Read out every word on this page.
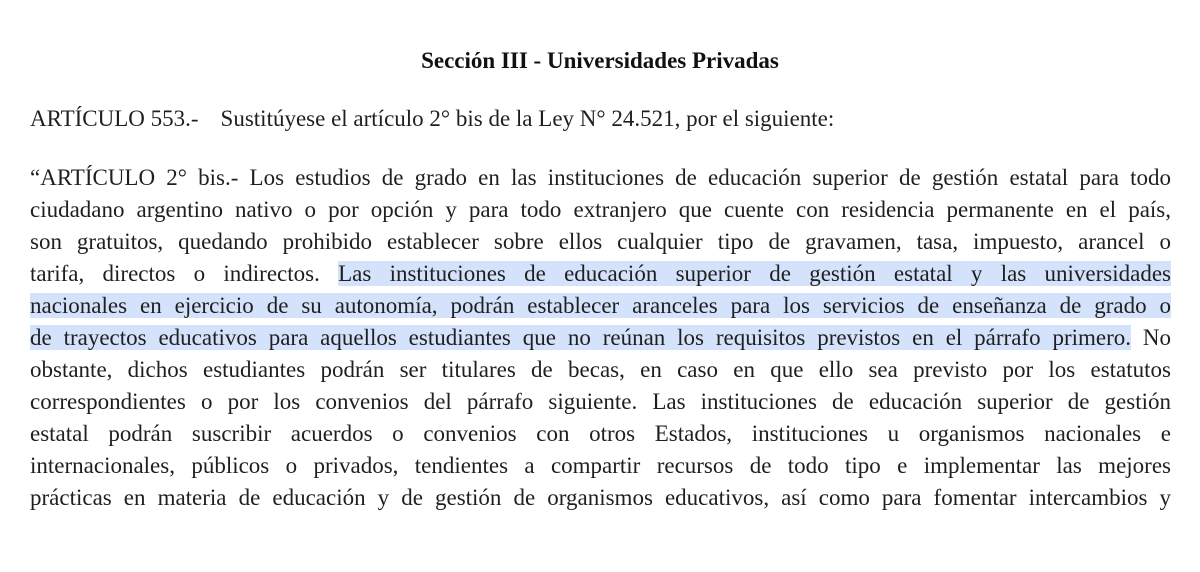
Sección III - Universidades Privadas
ARTÍCULO 553.- Sustitúyese el artículo 2° bis de la Ley N° 24.521, por el siguiente:
“ARTÍCULO 2° bis.- Los estudios de grado en las instituciones de educación superior de gestión estatal para todo
ciudadano argentino nativo o por opción y para todo extranjero que cuente con residencia permanente en el país,
son gratuitos, quedando prohibido establecer sobre ellos cualquier tipo de gravamen, tasa, impuesto, arancel o
tarifa, directos o indirectos. Las instituciones de educación superior de gestión estatal y las universidades
nacionales en ejercicio de su autonomía, podrán establecer aranceles para los servicios de enseñanza de grado o
de trayectos educativos para aquellos estudiantes que no reúnan los requisitos previstos en el párrafo primero. No
obstante, dichos estudiantes podrán ser titulares de becas, en caso en que ello sea previsto por los estatutos
correspondientes o por los convenios del párrafo siguiente. Las instituciones de educación superior de gestión
estatal podrán suscribir acuerdos o convenios con otros Estados, instituciones u organismos nacionales e
internacionales, públicos o privados, tendientes a compartir recursos de todo tipo e implementar las mejores
prácticas en materia de educación y de gestión de organismos educativos, así como para fomentar intercambios y
